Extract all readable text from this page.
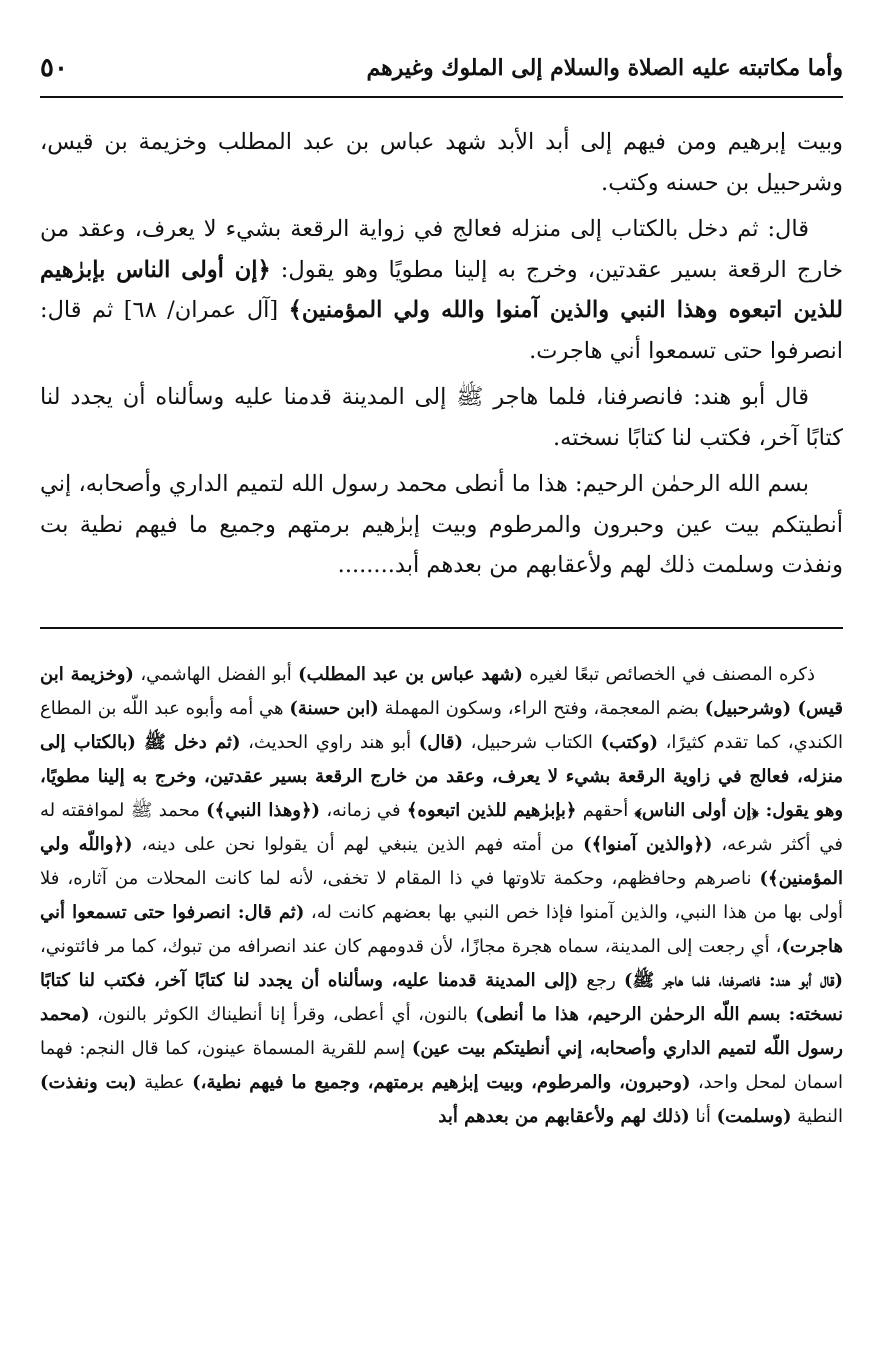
وأما مكاتبته عليه الصلاة والسلام إلى الملوك وغيرهم
٥٠

وبيت إبرهيم ومن فيهم إلى أبد الأبد شهد عباس بن عبد المطلب وخزيمة بن قيس، وشرحبيل بن حسنه وكتب.

قال: ثم دخل بالكتاب إلى منزله فعالج في زواية الرقعة بشيء لا يعرف، وعقد من خارج الرقعة بسير عقدتين، وخرج به إلينا مطويًا وهو يقول: ﴿إن أولى الناس بإبرٰهيم للذين اتبعوه وهذا النبي والذين آمنوا والله ولي المؤمنين﴾ [آل عمران/ ٦٨] ثم قال: انصرفوا حتى تسمعوا أني هاجرت.

قال أبو هند: فانصرفنا، فلما هاجر ﷺ إلى المدينة قدمنا عليه وسألناه أن يجدد لنا كتابًا آخر، فكتب لنا كتابًا نسخته.

بسم الله الرحمٰن الرحيم: هذا ما أنطى محمد رسول الله لتميم الداري وأصحابه، إني أنطيتكم بيت عين وحبرون والمرطوم وبيت إبرٰهيم برمتهم وجميع ما فيهم نطية بت ونفذت وسلمت ذلك لهم ولأعقابهم من بعدهم أبد........

ذكره المصنف في الخصائص تبعًا لغيره (شهد عباس بن عبد المطلب) أبو الفضل الهاشمي، (وخزيمة ابن قيس) (وشرحبيل) بضم المعجمة، وفتح الراء، وسكون المهملة (ابن حسنة) هي أمه وأبوه عبد اللّه بن المطاع الكندي، كما تقدم كثيرًا، (وكتب) الكتاب شرحبيل، (قال) أبو هند راوي الحديث، (ثم دخل ﷺ (بالكتاب إلى منزله، فعالج في زاوية الرقعة بشيء لا يعرف، وعقد من خارج الرقعة بسير عقدتين، وخرج به إلينا مطويًا، وهو يقول: ﴿إن أولى الناس﴾ أحقهم ﴿بإبرٰهيم للذين اتبعوه﴾ في زمانه، (﴿وهذا النبي﴾) محمد ﷺ لموافقته له في أكثر شرعه، (﴿والذين آمنوا﴾) من أمته فهم الذين ينبغي لهم أن يقولوا نحن على دينه، (﴿واللّه ولي المؤمنين﴾) ناصرهم وحافظهم، وحكمة تلاوتها في ذا المقام لا تخفى، لأنه لما كانت المحلات من آثاره، فلا أولى بها من هذا النبي، والذين آمنوا فإذا خص النبي بها بعضهم كانت له، (ثم قال: انصرفوا حتى تسمعوا أني هاجرت)، أي رجعت إلى المدينة، سماه هجرة مجازًا، لأن قدومهم كان عند انصرافه من تبوك، كما مر فائتوني، (قال أبو هند: فانصرفنا، فلما هاجر ﷺ) رجع (إلى المدينة قدمنا عليه، وسألناه أن يجدد لنا كتابًا آخر، فكتب لنا كتابًا نسخته: بسم اللّه الرحمٰن الرحيم، هذا ما أنطى) بالنون، أي أعطى، وقرأ إنا أنطيناك الكوثر بالنون، (محمد رسول اللّه لتميم الداري وأصحابه، إني أنطيتكم بيت عين) إسم للقرية المسماة عينون، كما قال النجم: فهما اسمان لمحل واحد، (وحبرون، والمرطوم، وبيت إبرٰهيم برمتهم، وجميع ما فيهم نطية،) عطية (بت ونفذت) النطية (وسلمت) أنا (ذلك لهم ولأعقابهم من بعدهم أبد
